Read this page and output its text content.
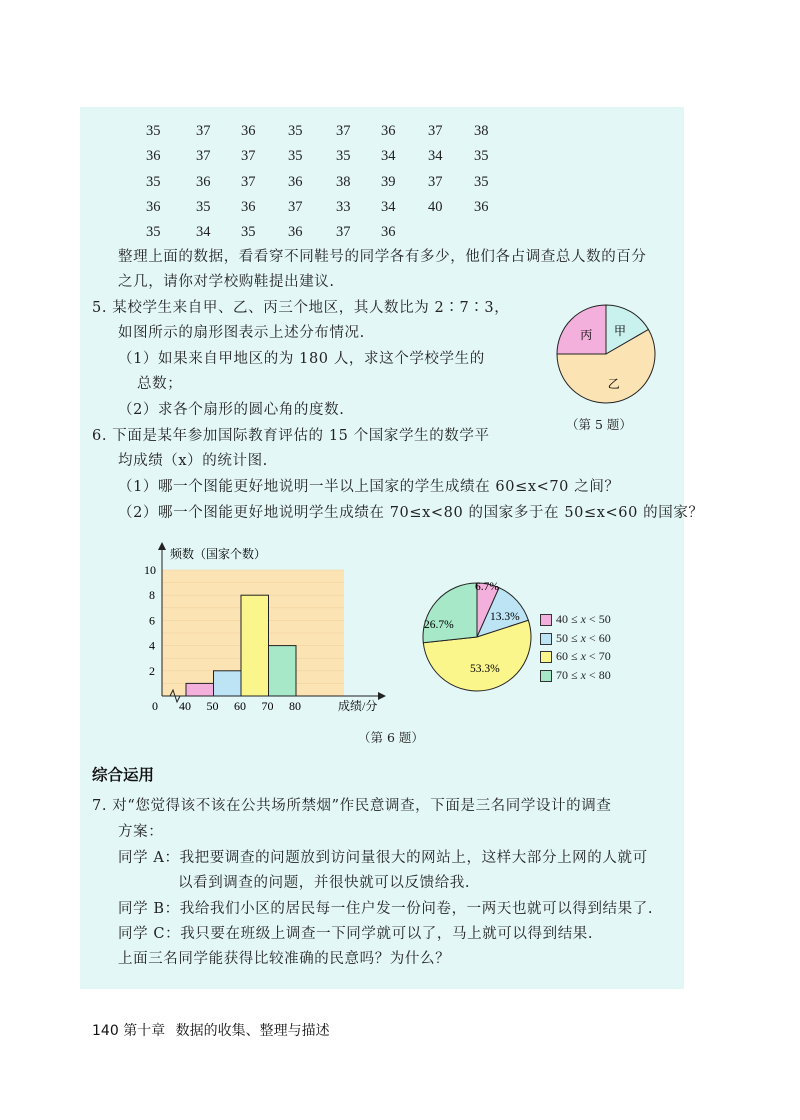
35	37	36	35	37	36	37	38
36	37	37	35	35	34	34	35
35	36	37	36	38	39	37	35
36	35	36	37	33	34	40	36
35	34	35	36	37	36
整理上面的数据，看看穿不同鞋号的同学各有多少，他们各占调查总人数的百分
之几，请你对学校购鞋提出建议.
5. 某校学生来自甲、乙、丙三个地区，其人数比为 2∶7∶3，
如图所示的扇形图表示上述分布情况.
（1）如果来自甲地区的为 180 人，求这个学校学生的
总数；
（2）求各个扇形的圆心角的度数.
甲
乙
丙
（第 5 题）
6. 下面是某年参加国际教育评估的 15 个国家学生的数学平
均成绩（x）的统计图.
（1）哪一个图能更好地说明一半以上国家的学生成绩在 60≤x<70 之间？
（2）哪一个图能更好地说明学生成绩在 70≤x<80 的国家多于在 50≤x<60 的国家？
频数（国家个数）
成绩/分
0
2
4
6
8
10
40 50 60 70 80
6.7%
13.3%
53.3%
26.7%	40 ≤ x < 50
50 ≤ x < 60
60 ≤ x < 70
70 ≤ x < 80
（第 6 题）
综合运用
7. 对“您觉得该不该在公共场所禁烟”作民意调查，下面是三名同学设计的调查
方案：
同学 A：我把要调查的问题放到访问量很大的网站上，这样大部分上网的人就可
以看到调查的问题，并很快就可以反馈给我.
同学 B：我给我们小区的居民每一住户发一份问卷，一两天也就可以得到结果了.
同学 C：我只要在班级上调查一下同学就可以了，马上就可以得到结果.
上面三名同学能获得比较准确的民意吗？为什么？
140 第十章 数据的收集、整理与描述
